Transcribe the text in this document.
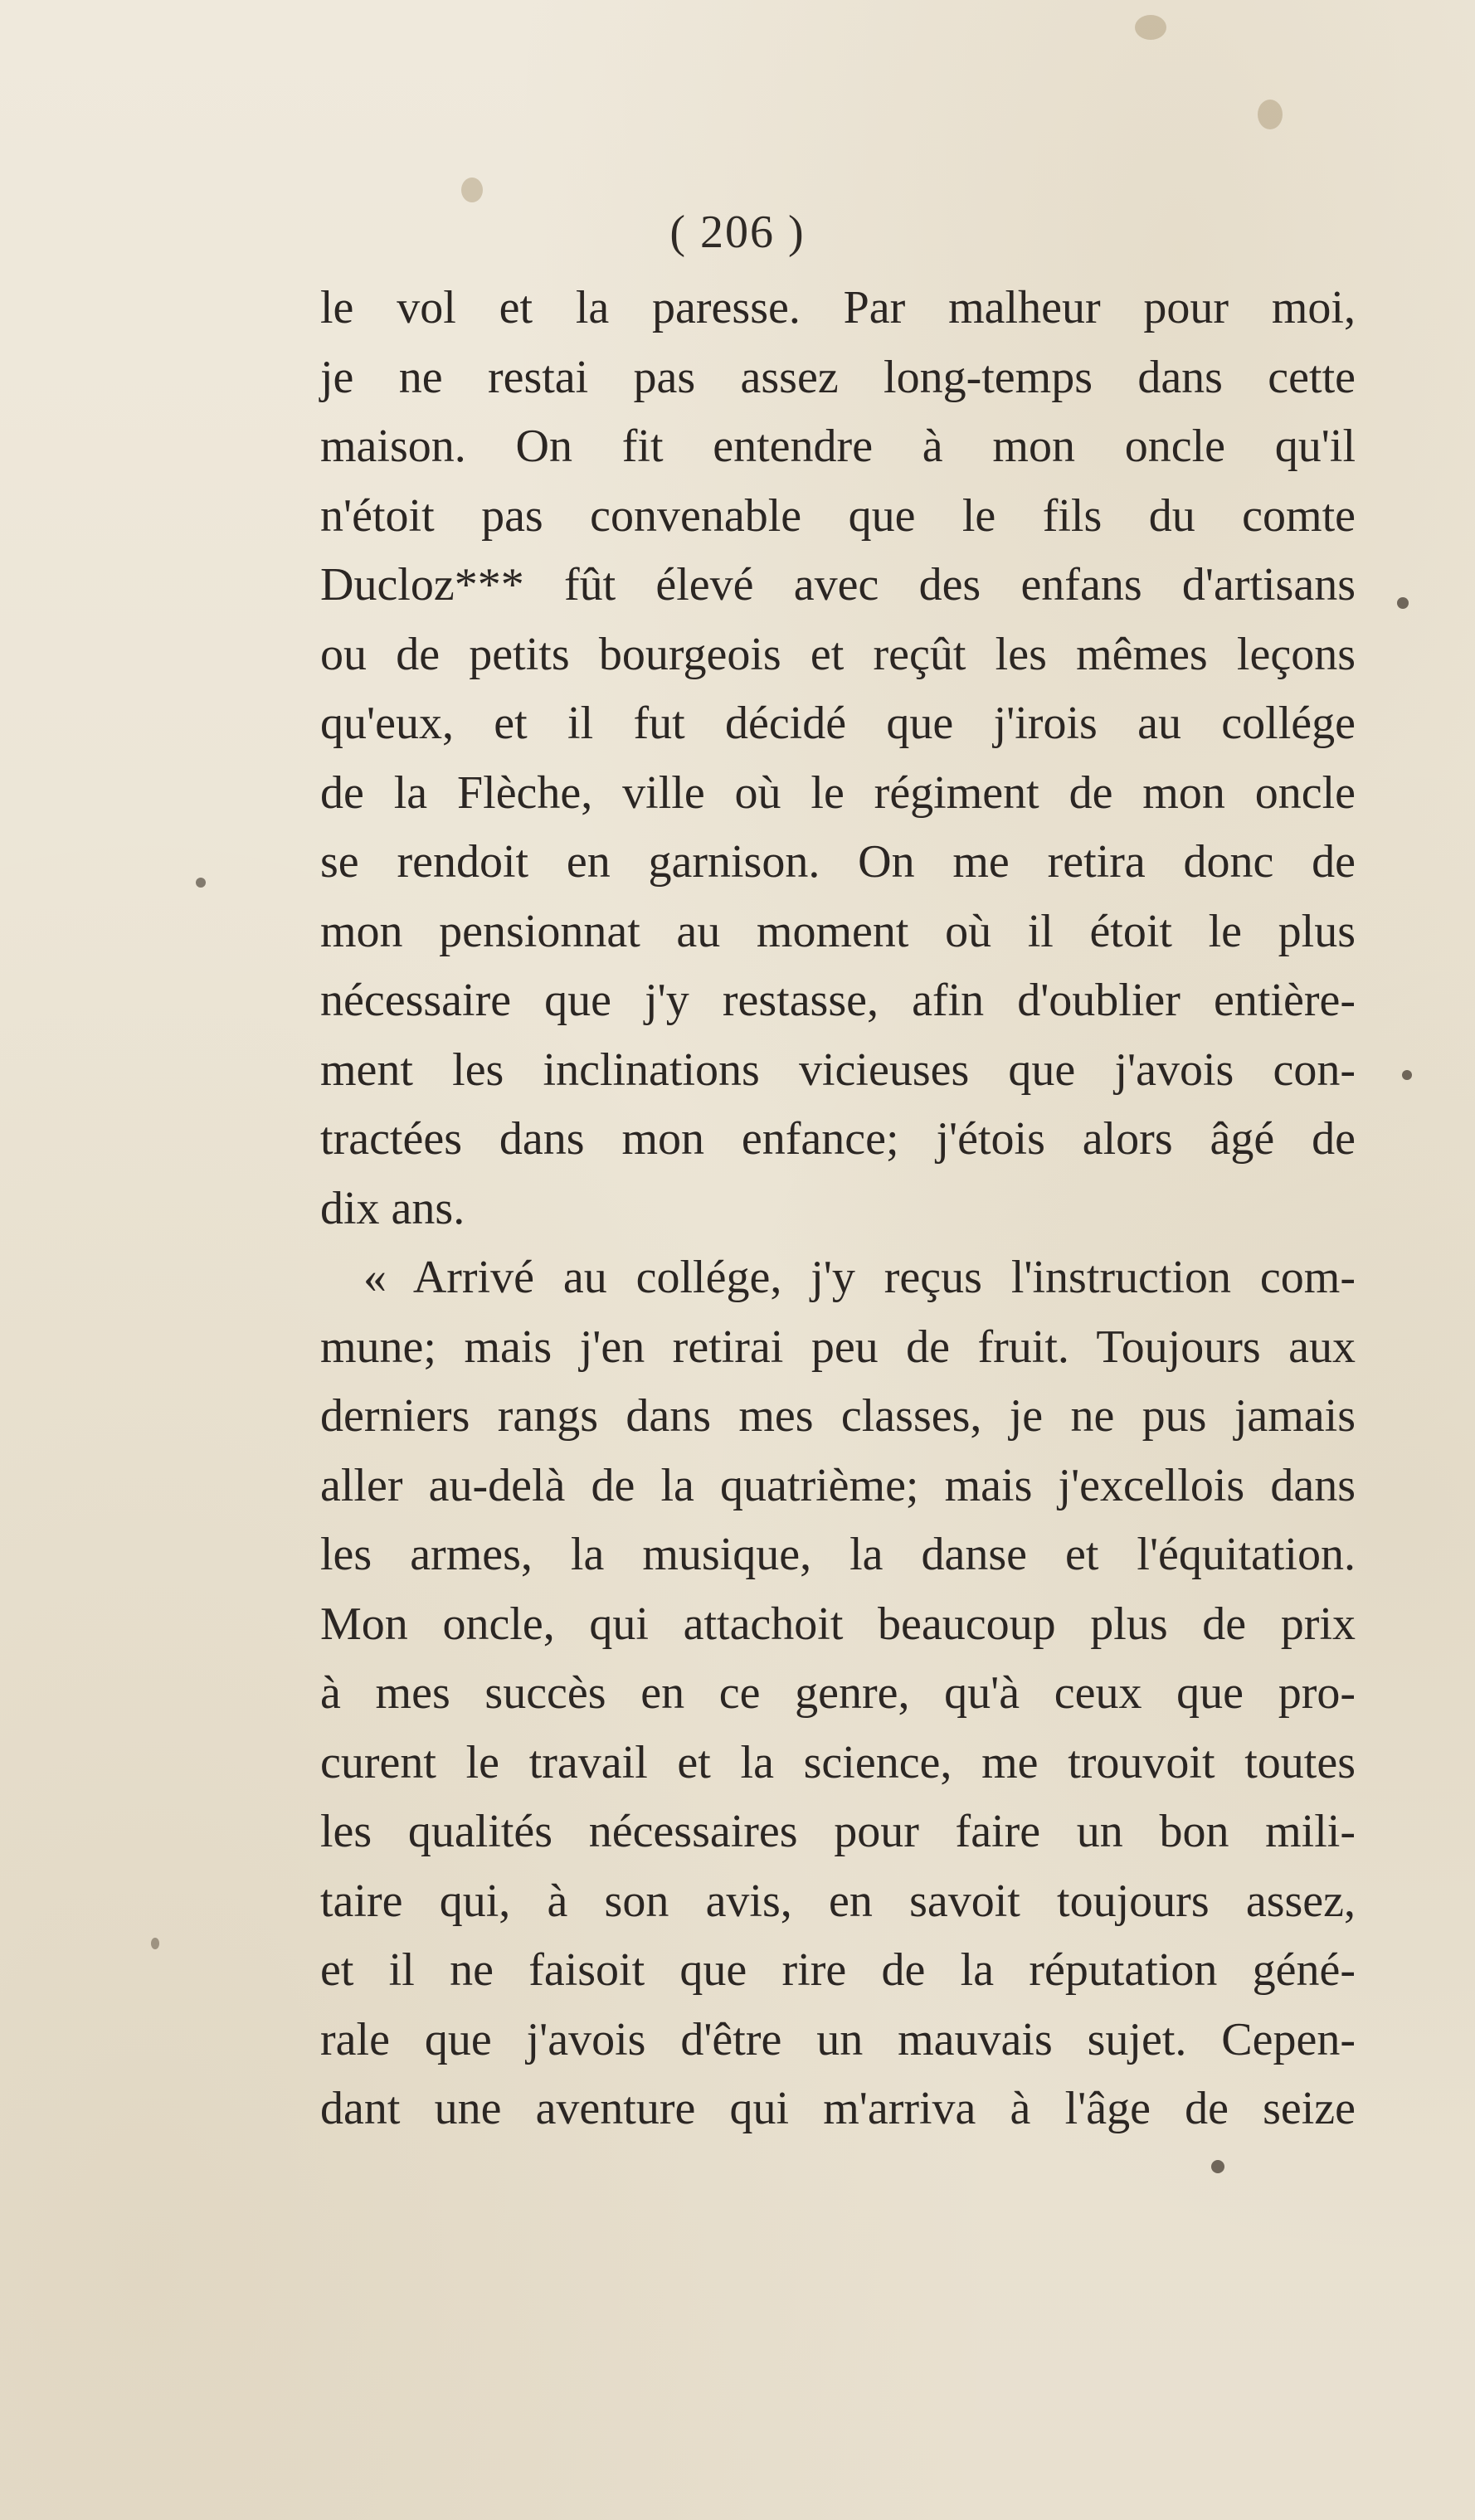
( 206 )
le vol et la paresse. Par malheur pour moi,
je ne restai pas assez long-temps dans cette
maison. On fit entendre à mon oncle qu'il
n'étoit pas convenable que le fils du comte
Ducloz*** fût élevé avec des enfans d'artisans
ou de petits bourgeois et reçût les mêmes leçons
qu'eux, et il fut décidé que j'irois au collége
de la Flèche, ville où le régiment de mon oncle
se rendoit en garnison. On me retira donc de
mon pensionnat au moment où il étoit le plus
nécessaire que j'y restasse, afin d'oublier entière-
ment les inclinations vicieuses que j'avois con-
tractées dans mon enfance; j'étois alors âgé de
dix ans.
« Arrivé au collége, j'y reçus l'instruction com-
mune; mais j'en retirai peu de fruit. Toujours aux
derniers rangs dans mes classes, je ne pus jamais
aller au-delà de la quatrième; mais j'excellois dans
les armes, la musique, la danse et l'équitation.
Mon oncle, qui attachoit beaucoup plus de prix
à mes succès en ce genre, qu'à ceux que pro-
curent le travail et la science, me trouvoit toutes
les qualités nécessaires pour faire un bon mili-
taire qui, à son avis, en savoit toujours assez,
et il ne faisoit que rire de la réputation géné-
rale que j'avois d'être un mauvais sujet. Cepen-
dant une aventure qui m'arriva à l'âge de seize
